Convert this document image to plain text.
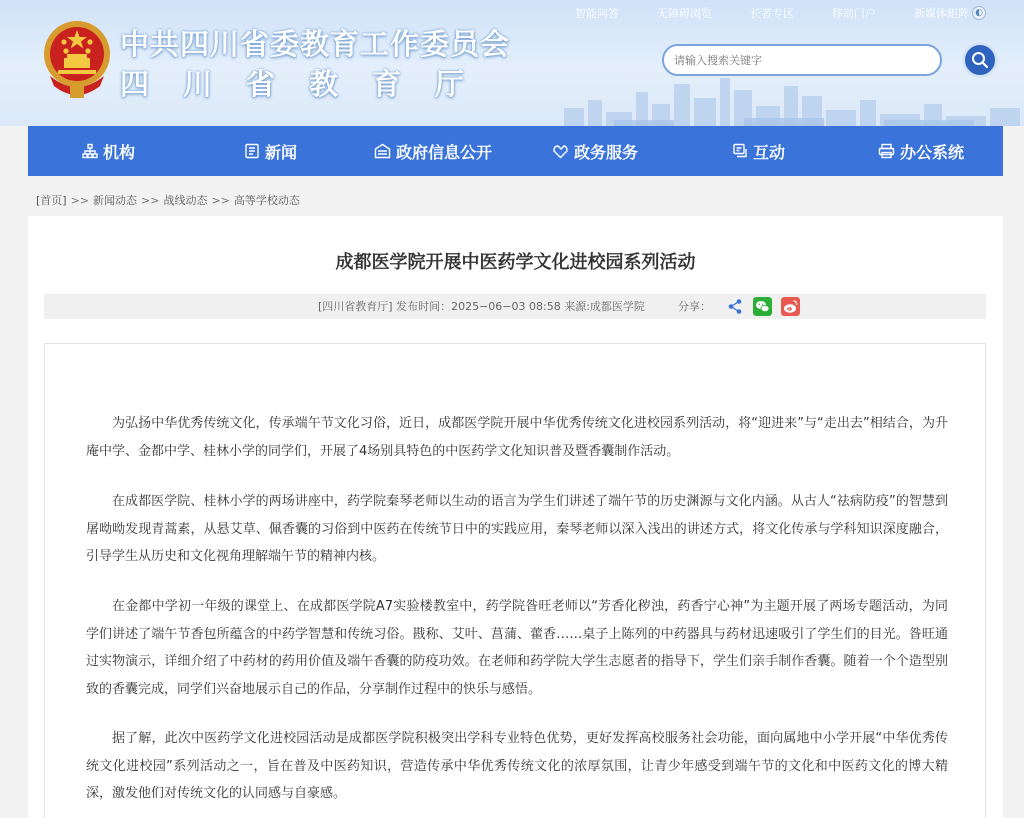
中共四川省委教育工作委员会
四川省教育厅
智能问答	无障碍浏览	长者专区	移动门户	新媒体矩阵 ◐
请输入搜索关键字
机构	新闻	政府信息公开	政务服务	互动	办公系统
[首页] >> 新闻动态 >> 战线动态 >> 高等学校动态
成都医学院开展中医药学文化进校园系列活动
[四川省教育厅] 发布时间：2025−06−03 08:58 来源:成都医学院	分享：

为弘扬中华优秀传统文化，传承端午节文化习俗，近日，成都医学院开展中华优秀传统文化进校园系列活动，将“迎进来”与“走出去”相结合，为升庵中学、金都中学、桂林小学的同学们，开展了4场别具特色的中医药学文化知识普及暨香囊制作活动。

在成都医学院、桂林小学的两场讲座中，药学院秦琴老师以生动的语言为学生们讲述了端午节的历史渊源与文化内涵。从古人“祛病防疫”的智慧到屠呦呦发现青蒿素，从悬艾草、佩香囊的习俗到中医药在传统节日中的实践应用，秦琴老师以深入浅出的讲述方式，将文化传承与学科知识深度融合，引导学生从历史和文化视角理解端午节的精神内核。

在金都中学初一年级的课堂上、在成都医学院A7实验楼教室中，药学院昝旺老师以“芳香化秽浊，药香宁心神”为主题开展了两场专题活动，为同学们讲述了端午节香包所蕴含的中药学智慧和传统习俗。戡称、艾叶、菖蒲、藿香……桌子上陈列的中药器具与药材迅速吸引了学生们的目光。昝旺通过实物演示，详细介绍了中药材的药用价值及端午香囊的防疫功效。在老师和药学院大学生志愿者的指导下，学生们亲手制作香囊。随着一个个造型别致的香囊完成，同学们兴奋地展示自己的作品，分享制作过程中的快乐与感悟。

据了解，此次中医药学文化进校园活动是成都医学院积极突出学科专业特色优势，更好发挥高校服务社会功能，面向属地中小学开展“中华优秀传统文化进校园”系列活动之一，旨在普及中医药知识，营造传承中华优秀传统文化的浓厚氛围，让青少年感受到端午节的文化和中医药文化的博大精深，激发他们对传统文化的认同感与自豪感。
